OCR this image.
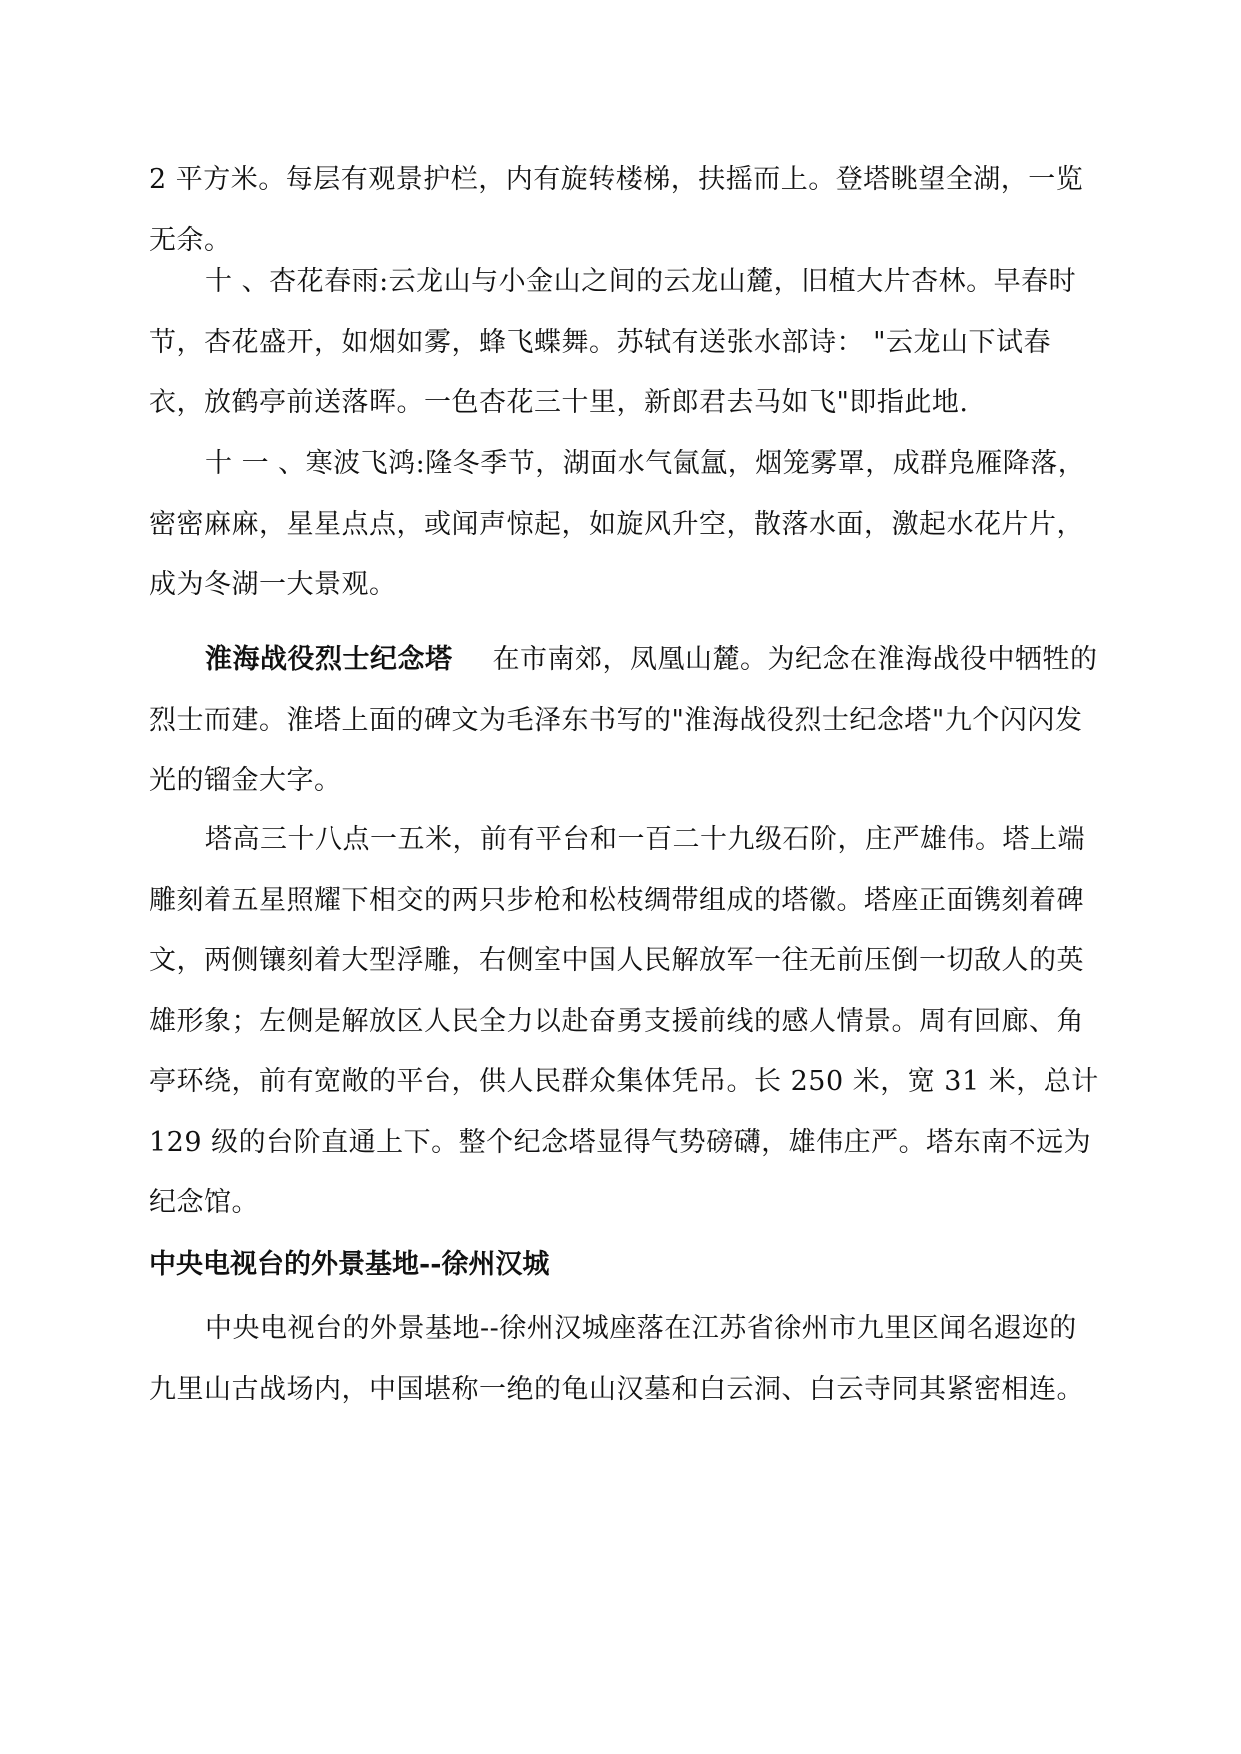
2 平方米。每层有观景护栏，内有旋转楼梯，扶摇而上。登塔眺望全湖，一览无余。

十 、杏花春雨:云龙山与小金山之间的云龙山麓，旧植大片杏林。早春时节，杏花盛开，如烟如雾，蜂飞蝶舞。苏轼有送张水部诗： "云龙山下试春衣，放鹤亭前送落晖。一色杏花三十里，新郎君去马如飞"即指此地.

十 一 、寒波飞鸿:隆冬季节，湖面水气氤氲，烟笼雾罩，成群凫雁降落，密密麻麻，星星点点，或闻声惊起，如旋风升空，散落水面，激起水花片片，成为冬湖一大景观。

淮海战役烈士纪念塔 在市南郊，凤凰山麓。为纪念在淮海战役中牺牲的烈士而建。淮塔上面的碑文为毛泽东书写的"淮海战役烈士纪念塔"九个闪闪发光的镏金大字。

塔高三十八点一五米，前有平台和一百二十九级石阶，庄严雄伟。塔上端雕刻着五星照耀下相交的两只步枪和松枝绸带组成的塔徽。塔座正面镌刻着碑文，两侧镶刻着大型浮雕，右侧室中国人民解放军一往无前压倒一切敌人的英雄形象；左侧是解放区人民全力以赴奋勇支援前线的感人情景。周有回廊、角亭环绕，前有宽敞的平台，供人民群众集体凭吊。长 250 米，宽 31 米，总计 129 级的台阶直通上下。整个纪念塔显得气势磅礴，雄伟庄严。塔东南不远为纪念馆。

中央电视台的外景基地--徐州汉城

中央电视台的外景基地--徐州汉城座落在江苏省徐州市九里区闻名遐迩的九里山古战场内，中国堪称一绝的龟山汉墓和白云洞、白云寺同其紧密相连。
